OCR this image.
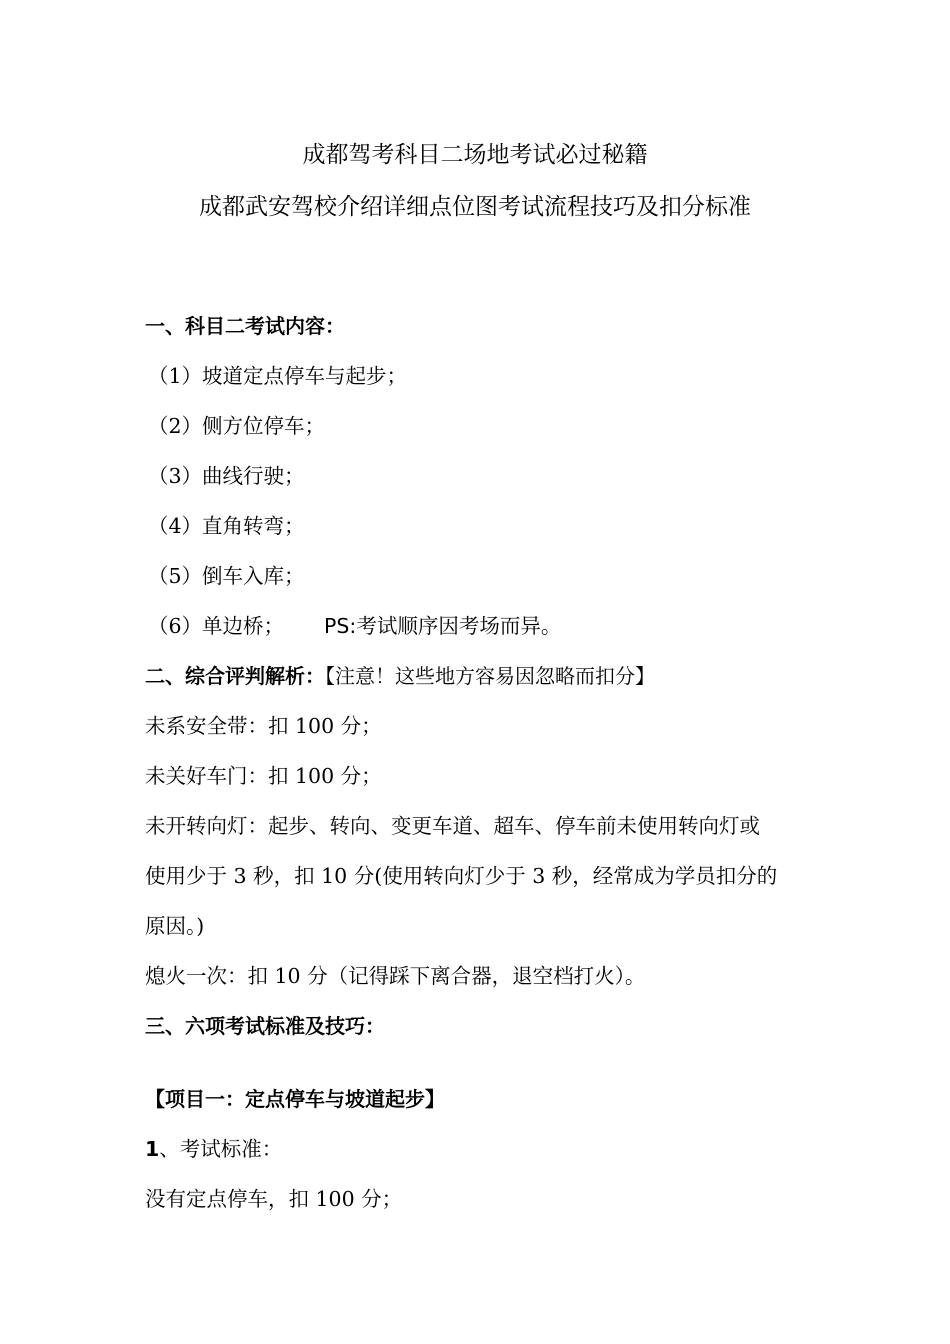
成都驾考科目二场地考试必过秘籍
成都武安驾校介绍详细点位图考试流程技巧及扣分标准
一、科目二考试内容：
（1）坡道定点停车与起步；
（2）侧方位停车；
（3）曲线行驶；
（4）直角转弯；
（5）倒车入库；
（6）单边桥； PS:考试顺序因考场而异。
二、综合评判解析：【注意！这些地方容易因忽略而扣分】
未系安全带：扣 100 分；
未关好车门：扣 100 分；
未开转向灯：起步、转向、变更车道、超车、停车前未使用转向灯或
使用少于 3 秒，扣 10 分(使用转向灯少于 3 秒，经常成为学员扣分的
原因。)
熄火一次：扣 10 分（记得踩下离合器，退空档打火）。
三、六项考试标准及技巧：
【项目一：定点停车与坡道起步】
1、考试标准：
没有定点停车，扣 100 分；
